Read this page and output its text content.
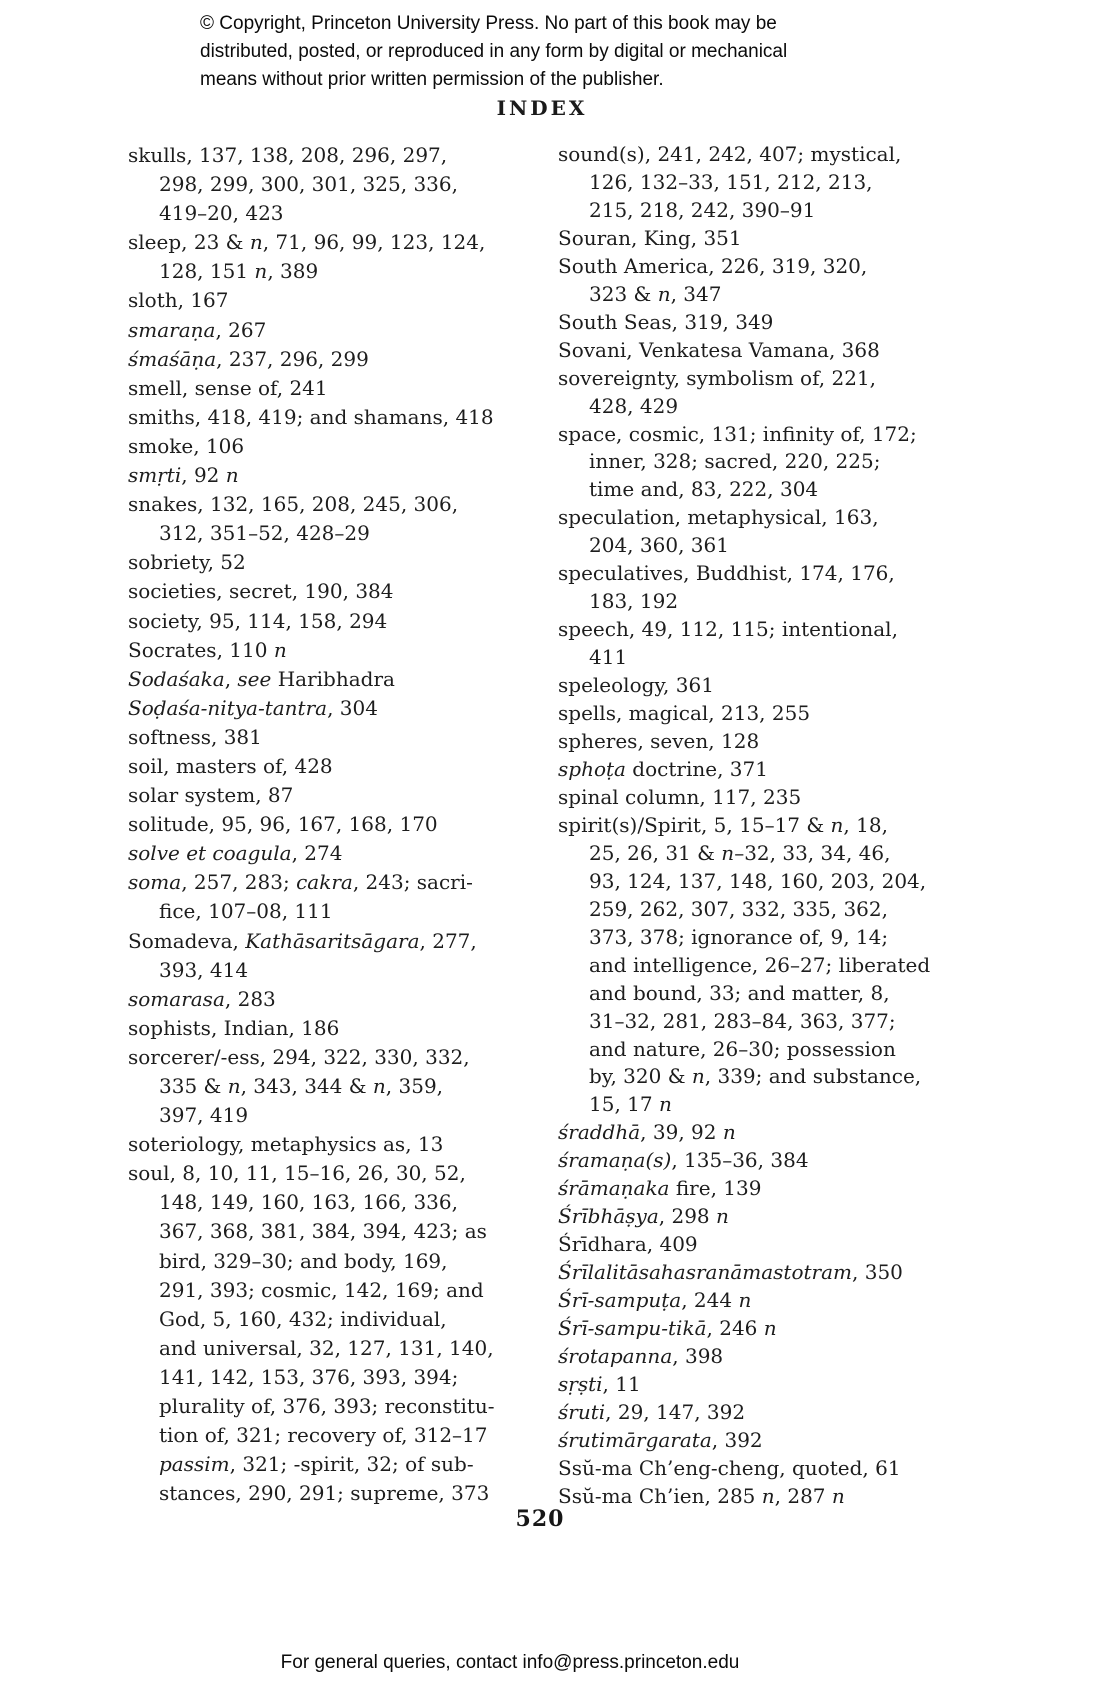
© Copyright, Princeton University Press. No part of this book may be
distributed, posted, or reproduced in any form by digital or mechanical
means without prior written permission of the publisher.
INDEX
skulls, 137, 138, 208, 296, 297,
298, 299, 300, 301, 325, 336,
419–20, 423
sleep, 23 & n, 71, 96, 99, 123, 124,
128, 151 n, 389
sloth, 167
smaraṇa, 267
śmaśāṇa, 237, 296, 299
smell, sense of, 241
smiths, 418, 419; and shamans, 418
smoke, 106
smṛti, 92 n
snakes, 132, 165, 208, 245, 306,
312, 351–52, 428–29
sobriety, 52
societies, secret, 190, 384
society, 95, 114, 158, 294
Socrates, 110 n
Sodaśaka, see Haribhadra
Soḍaśa-nitya-tantra, 304
softness, 381
soil, masters of, 428
solar system, 87
solitude, 95, 96, 167, 168, 170
solve et coagula, 274
soma, 257, 283; cakra, 243; sacri-
fice, 107–08, 111
Somadeva, Kathāsaritsāgara, 277,
393, 414
somarasa, 283
sophists, Indian, 186
sorcerer/-ess, 294, 322, 330, 332,
335 & n, 343, 344 & n, 359,
397, 419
soteriology, metaphysics as, 13
soul, 8, 10, 11, 15–16, 26, 30, 52,
148, 149, 160, 163, 166, 336,
367, 368, 381, 384, 394, 423; as
bird, 329–30; and body, 169,
291, 393; cosmic, 142, 169; and
God, 5, 160, 432; individual,
and universal, 32, 127, 131, 140,
141, 142, 153, 376, 393, 394;
plurality of, 376, 393; reconstitu-
tion of, 321; recovery of, 312–17
passim, 321; -spirit, 32; of sub-
stances, 290, 291; supreme, 373
sound(s), 241, 242, 407; mystical,
126, 132–33, 151, 212, 213,
215, 218, 242, 390–91
Souran, King, 351
South America, 226, 319, 320,
323 & n, 347
South Seas, 319, 349
Sovani, Venkatesa Vamana, 368
sovereignty, symbolism of, 221,
428, 429
space, cosmic, 131; infinity of, 172;
inner, 328; sacred, 220, 225;
time and, 83, 222, 304
speculation, metaphysical, 163,
204, 360, 361
speculatives, Buddhist, 174, 176,
183, 192
speech, 49, 112, 115; intentional,
411
speleology, 361
spells, magical, 213, 255
spheres, seven, 128
sphoṭa doctrine, 371
spinal column, 117, 235
spirit(s)/Spirit, 5, 15–17 & n, 18,
25, 26, 31 & n–32, 33, 34, 46,
93, 124, 137, 148, 160, 203, 204,
259, 262, 307, 332, 335, 362,
373, 378; ignorance of, 9, 14;
and intelligence, 26–27; liberated
and bound, 33; and matter, 8,
31–32, 281, 283–84, 363, 377;
and nature, 26–30; possession
by, 320 & n, 339; and substance,
15, 17 n
śraddhā, 39, 92 n
śramaṇa(s), 135–36, 384
śrāmaṇaka fire, 139
Śrībhāṣya, 298 n
Śrīdhara, 409
Śrīlalitāsahasranāmastotram, 350
Śrī-sampuṭa, 244 n
Śrī-sampu-tikā, 246 n
śrotapanna, 398
sṛṣti, 11
śruti, 29, 147, 392
śrutimārgarata, 392
Ssŭ-ma Ch’eng-cheng, quoted, 61
Ssŭ-ma Ch’ien, 285 n, 287 n
520
For general queries, contact info@press.princeton.edu
